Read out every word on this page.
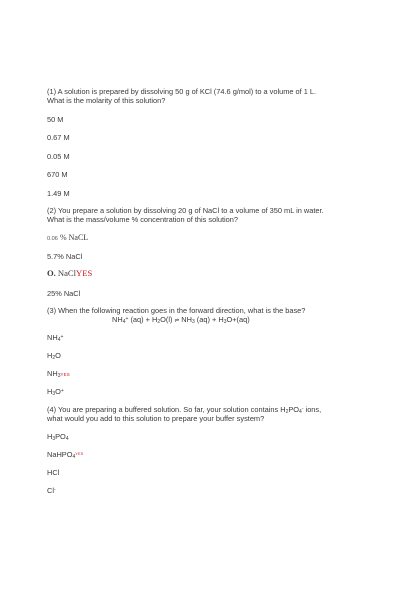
(1) A solution is prepared by dissolving 50 g of KCl (74.6 g/mol) to a volume of 1 L.
What is the molarity of this solution?
50 M
0.67 M
0.05 M
670 M
1.49 M
(2) You prepare a solution by dissolving 20 g of NaCl to a volume of 350 mL in water.
What is the mass/volume % concentration of this solution?
0.06 % NaCL
5.7% NaCl
O. NaClYES
25% NaCl
(3) When the following reaction goes in the forward direction, what is the base?
$NH_4^+$ $(aq) + H_2O(l)$ ⇌ $NH_3$ $(aq) + H_3O+(aq)$
$NH_4^+$
$H_2O$
$NH_3YES$
$H_3O^+$
(4) You are preparing a buffered solution. So far, your solution contains $H_2PO_4^-$ ions,
what would you add to this solution to prepare your buffer system?
$H_3PO_4$
NaHPO$_4^{YES}$
HCl
Cl-
